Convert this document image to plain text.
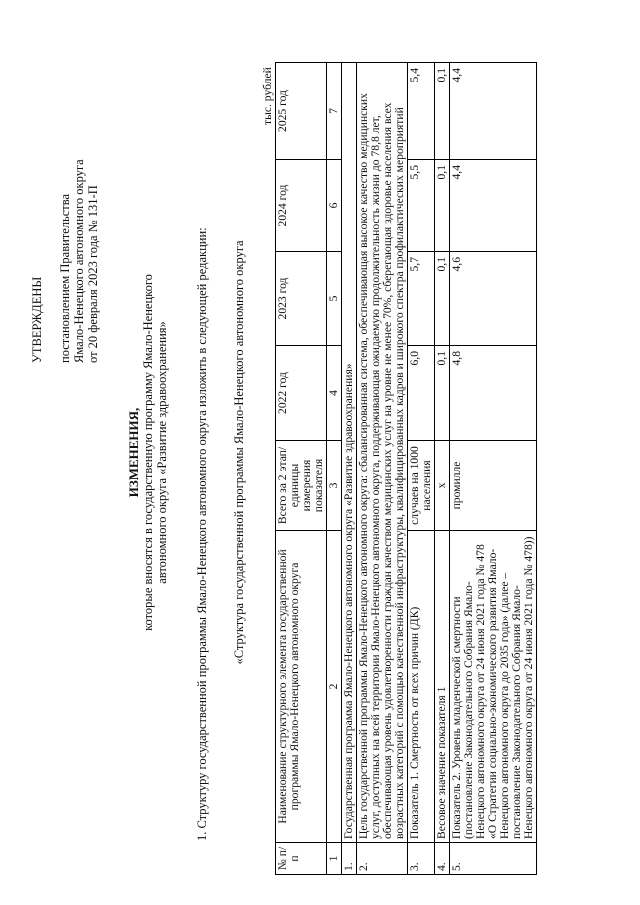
УТВЕРЖДЕНЫ постановлением Правительства Ямало-Ненецкого автономного округа от 20 февраля 2023 года № 131-П
ИЗМЕНЕНИЯ, которые вносятся в государственную программу Ямало-Ненецкого автономного округа «Развитие здравоохранения» 1. Структуру государственной программы Ямало-Ненецкого автономного округа изложить в следующей редакции: «Структура государственной программы Ямало-Ненецкого автономного округа
тыс. рублей
№ п/п	Наименование структурного элемента государственной программы Ямало-Ненецкого автономного округа	Всего за 2 этап/ единицы измерения показателя	2022 год	2023 год	2024 год	2025 год
1	2	3	4	5	6	7
1.	Государственная программа Ямало-Ненецкого автономного округа «Развитие здравоохранения»					
2.	Цель государственной программы Ямало-Ненецкого автономного округа: сбалансированная система, обеспечивающая высокое качество медицинских услуг, доступных на всей территории Ямало-Ненецкого автономного округа, поддерживающая ожидаемую продолжительность жизни до 78,8 лет, обеспечивающая уровень удовлетворенности граждан качеством медицинских услуг на уровне не менее 70%, сберегающая здоровье населения всех возрастных категорий с помощью качественной инфраструктуры, квалифицированных кадров и широкого спектра профилактических мероприятий					
3.	Показатель 1. Смертность от всех причин (ДК)	случаев на 1000 населения	6,0	5,7	5,5	5,4
4.	Весовое значение показателя 1	х	0,1	0,1	0,1	0,1
5.	Показатель 2. Уровень младенческой смертности (постановление Законодательного Собрания Ямало-Ненецкого автономного округа от 24 июня 2021 года № 478 «О Стратегии социально-экономического развития Ямало-Ненецкого автономного округа до 2035 года» (далее – постановление Законодательного Собрания Ямало-Ненецкого автономного округа от 24 июня 2021 года № 478))	промилле	4,8	4,6	4,4	4,4
